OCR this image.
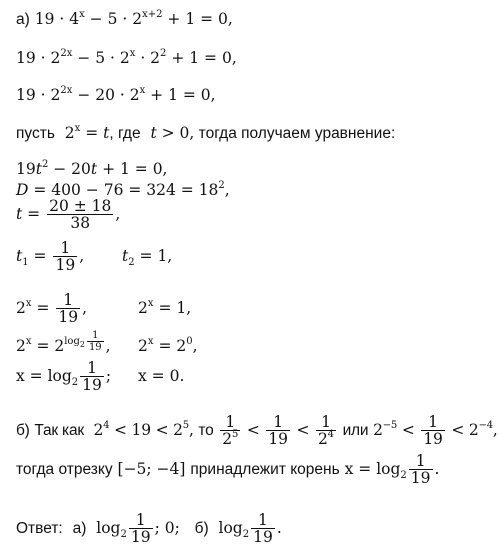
а) $19 \cdot 4^x - 5 \cdot 2^{x+2} + 1 = 0$,
$19 \cdot 2^{2x} - 5 \cdot 2^x \cdot 2^2 + 1 = 0$,
$19 \cdot 2^{2x} - 20 \cdot 2^x + 1 = 0$,
пусть $2^x = t$, где t > 0, тогда получаем уравнение:
$19t^2 - 20t + 1 = 0$,
$D = 400 - 76 = 324 = 18^2$,
$t = \frac{20 \pm 18}{38}$ ,
$t_1 = \frac{1}{19}$ , $t_2 = 1$,
$2^x = \frac{1}{19}$ ,	$2^x = 1$,
$2^x = 2^{log_2 \frac{1}{19}}$ , $2^x = 2^0$,
$x = \log_2 \frac{1}{19}$ ; x = 0.
б) Так как $2^4 < 19 < 2^5$, то $\frac{1}{2^5} < \frac{1}{19} < \frac{1}{2^4}$ или $2^{-5} < \frac{1}{19} < 2^{-4}$,
тогда отрезку [−5; −4] принадлежит корень $x = \log_2 \frac{1}{19}$ .
Ответ: а) $\log_2 \frac{1}{19}$ ; 0; б) $\log_2 \frac{1}{19}$ .
